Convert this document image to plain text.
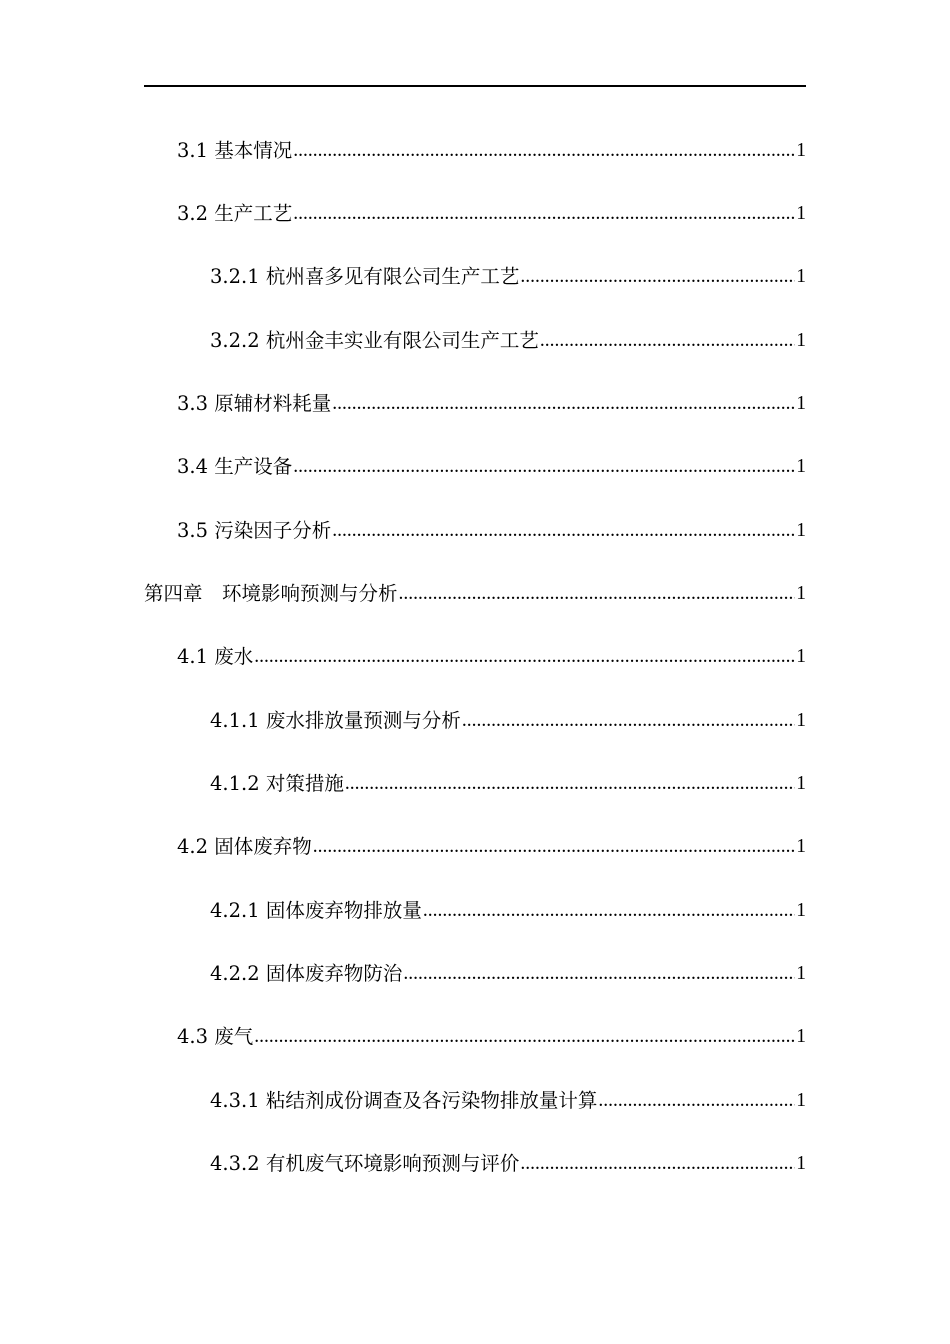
3.1 基本情况 .....	1
3.2 生产工艺 .....	1
3.2.1 杭州喜多见有限公司生产工艺 .....	1
3.2.2 杭州金丰实业有限公司生产工艺 .....	1
3.3 原辅材料耗量 .....	1
3.4 生产设备 .....	1
3.5 污染因子分析 .....	1
第四章　环境影响预测与分析 .....	1
4.1 废水 .....	1
4.1.1 废水排放量预测与分析 .....	1
4.1.2 对策措施 .....	1
4.2 固体废弃物 .....	1
4.2.1 固体废弃物排放量 .....	1
4.2.2 固体废弃物防治 .....	1
4.3 废气 .....	1
4.3.1 粘结剂成份调查及各污染物排放量计算 .....	1
4.3.2 有机废气环境影响预测与评价 .....	1
